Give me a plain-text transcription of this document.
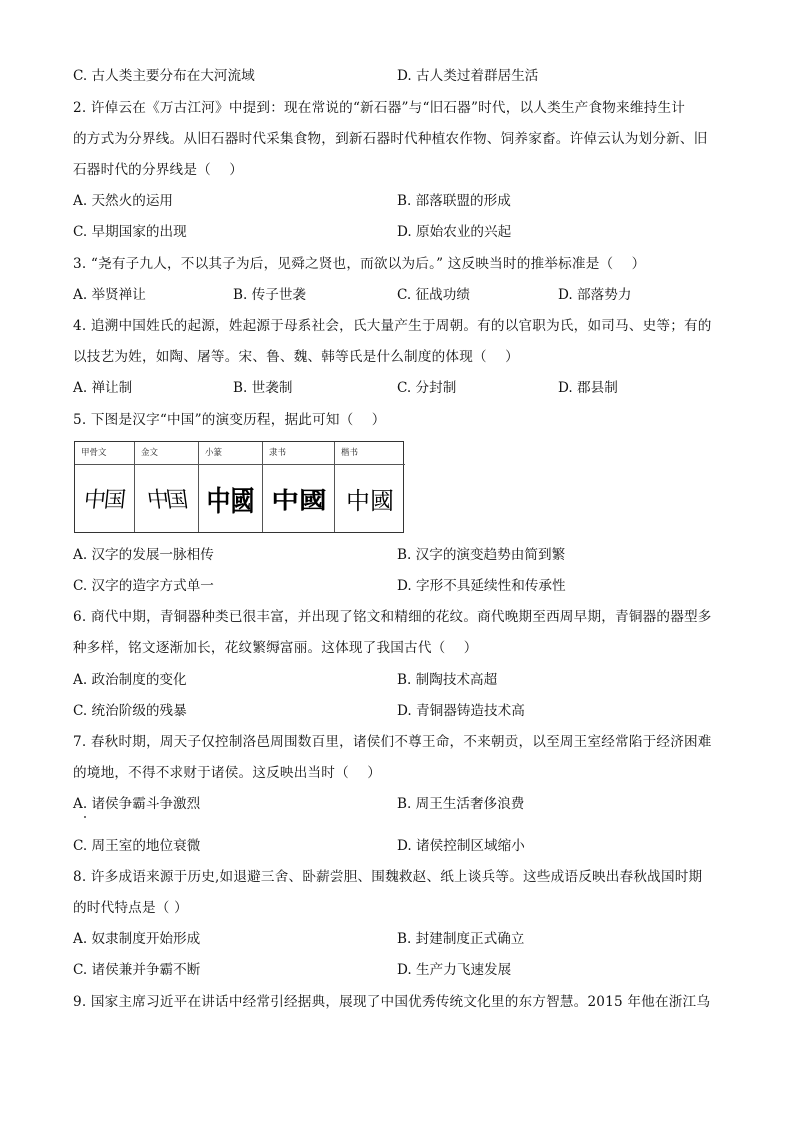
C. 古人类主要分布在大河流域	D. 古人类过着群居生活
2. 许倬云在《万古江河》中提到：现在常说的“新石器”与“旧石器”时代，以人类生产食物来维持生计
的方式为分界线。从旧石器时代采集食物，到新石器时代种植农作物、饲养家畜。许倬云认为划分新、旧
石器时代的分界线是（　 ）
A. 天然火的运用	B. 部落联盟的形成
C. 早期国家的出现	D. 原始农业的兴起
3. “尧有子九人，不以其子为后，见舜之贤也，而欲以为后。” 这反映当时的推举标准是（　 ）
A. 举贤禅让	B. 传子世袭	C. 征战功绩	D. 部落势力
4. 追溯中国姓氏的起源，姓起源于母系社会，氏大量产生于周朝。有的以官职为氏，如司马、史等；有的
以技艺为姓，如陶、屠等。宋、鲁、魏、韩等氏是什么制度的体现（　 ）
A. 禅让制	B. 世袭制	C. 分封制	D. 郡县制
5. 下图是汉字“中国”的演变历程，据此可知（　 ）
甲骨文	金文	小篆	隶书	楷书
中国 中国 中國 中國 中國
A. 汉字的发展一脉相传	B. 汉字的演变趋势由简到繁
C. 汉字的造字方式单一	D. 字形不具延续性和传承性
6. 商代中期，青铜器种类已很丰富，并出现了铭文和精细的花纹。商代晚期至西周早期，青铜器的器型多
种多样，铭文逐渐加长，花纹繁缛富丽。这体现了我国古代（　 ）
A. 政治制度的变化	B. 制陶技术高超
C. 统治阶级的残暴	D. 青铜器铸造技术高
7. 春秋时期，周天子仅控制洛邑周围数百里，诸侯们不尊王命，不来朝贡，以至周王室经常陷于经济困难
的境地，不得不求财于诸侯。这反映出当时（　 ）
A. 诸侯争霸斗争激烈	B. 周王生活奢侈浪费
C. 周王室的地位衰微	D. 诸侯控制区域缩小
8. 许多成语来源于历史,如退避三舍、卧薪尝胆、围魏救赵、纸上谈兵等。这些成语反映出春秋战国时期
的时代特点是（ ）
A. 奴隶制度开始形成	B. 封建制度正式确立
C. 诸侯兼并争霸不断	D. 生产力飞速发展
9. 国家主席习近平在讲话中经常引经据典，展现了中国优秀传统文化里的东方智慧。2015 年他在浙江乌
